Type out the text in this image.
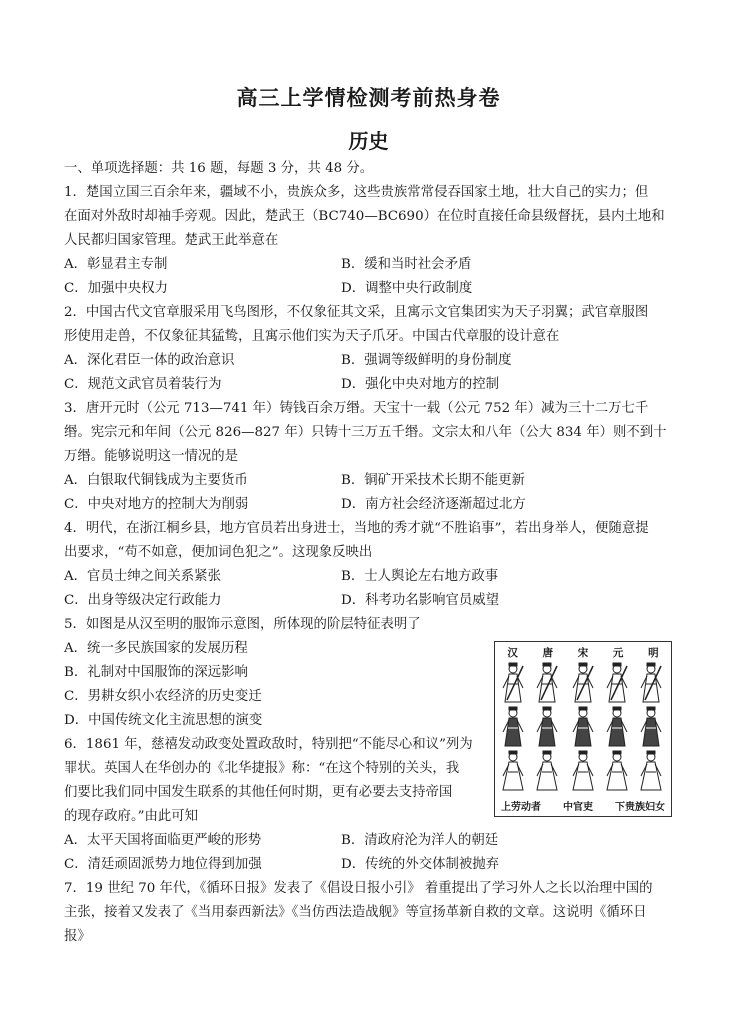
高三上学情检测考前热身卷
历史
一、单项选择题：共 16 题，每题 3 分，共 48 分。
1．楚国立国三百余年来，疆域不小，贵族众多，这些贵族常常侵吞国家土地，壮大自己的实力；但
在面对外敌时却袖手旁观。因此，楚武王（BC740—BC690）在位时直接任命县级督抚，县内土地和
人民都归国家管理。楚武王此举意在
A．彰显君主专制	B．缓和当时社会矛盾
C．加强中央权力	D．调整中央行政制度
2．中国古代文官章服采用飞鸟图形，不仅象征其文采，且寓示文官集团实为天子羽翼；武官章服图
形使用走兽，不仅象征其猛鸷，且寓示他们实为天子爪牙。中国古代章服的设计意在
A．深化君臣一体的政治意识	B．强调等级鲜明的身份制度
C．规范文武官员着装行为	D．强化中央对地方的控制
3．唐开元时（公元 713—741 年）铸钱百余万缗。天宝十一载（公元 752 年）减为三十二万七千
缗。宪宗元和年间（公元 826—827 年）只铸十三万五千缗。文宗太和八年（公大 834 年）则不到十
万缗。能够说明这一情况的是
A．白银取代铜钱成为主要货币	B．铜矿开采技术长期不能更新
C．中央对地方的控制大为削弱	D．南方社会经济逐渐超过北方
4．明代，在浙江桐乡县，地方官员若出身进士，当地的秀才就“不胜谄事”，若出身举人，便随意提
出要求，“苟不如意，便加词色犯之”。这现象反映出
A．官员士绅之间关系紧张	B．士人舆论左右地方政事
C．出身等级决定行政能力	D．科考功名影响官员威望
5．如图是从汉至明的服饰示意图，所体现的阶层特征表明了
A．统一多民族国家的发展历程
B．礼制对中国服饰的深远影响
C．男耕女织小农经济的历史变迁
D．中国传统文化主流思想的演变
汉 唐 宋 元 明
上劳动者 中官吏 下贵族妇女
6．1861 年，慈禧发动政变处置政敌时，特别把“不能尽心和议”列为
罪状。英国人在华创办的《北华捷报》称：“在这个特别的关头，我
们要比我们同中国发生联系的其他任何时期，更有必要去支持帝国
的现存政府。”由此可知
A．太平天国将面临更严峻的形势	B．清政府沦为洋人的朝廷
C．清廷顽固派势力地位得到加强	D．传统的外交体制被抛弃
7．19 世纪 70 年代，《循环日报》发表了《倡设日报小引》 着重提出了学习外人之长以治理中国的
主张，接着又发表了《当用泰西新法》《当仿西法造战舰》等宣扬革新自救的文章。这说明《循环日
报》
